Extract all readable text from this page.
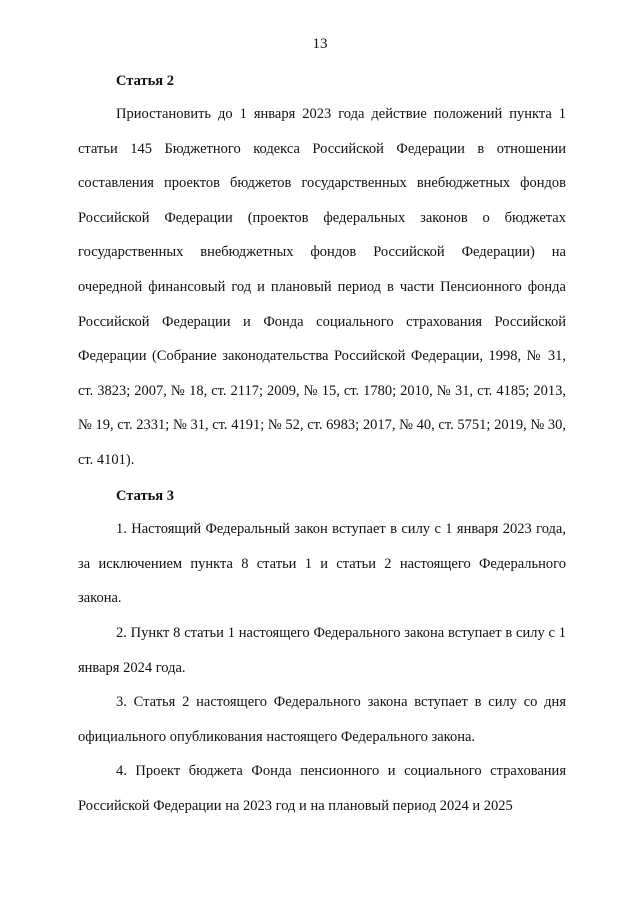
13
Статья 2

Приостановить до 1 января 2023 года действие положений пункта 1 статьи 145 Бюджетного кодекса Российской Федерации в отношении составления проектов бюджетов государственных внебюджетных фондов Российской Федерации (проектов федеральных законов о бюджетах государственных внебюджетных фондов Российской Федерации) на очередной финансовый год и плановый период в части Пенсионного фонда Российской Федерации и Фонда социального страхования Российской Федерации (Собрание законодательства Российской Федерации, 1998, № 31, ст. 3823; 2007, № 18, ст. 2117; 2009, № 15, ст. 1780; 2010, № 31, ст. 4185; 2013, № 19, ст. 2331; № 31, ст. 4191; № 52, ст. 6983; 2017, № 40, ст. 5751; 2019, № 30, ст. 4101).

Статья 3

1. Настоящий Федеральный закон вступает в силу с 1 января 2023 года, за исключением пункта 8 статьи 1 и статьи 2 настоящего Федерального закона.

2. Пункт 8 статьи 1 настоящего Федерального закона вступает в силу с 1 января 2024 года.

3. Статья 2 настоящего Федерального закона вступает в силу со дня официального опубликования настоящего Федерального закона.

4. Проект бюджета Фонда пенсионного и социального страхования Российской Федерации на 2023 год и на плановый период 2024 и 2025
